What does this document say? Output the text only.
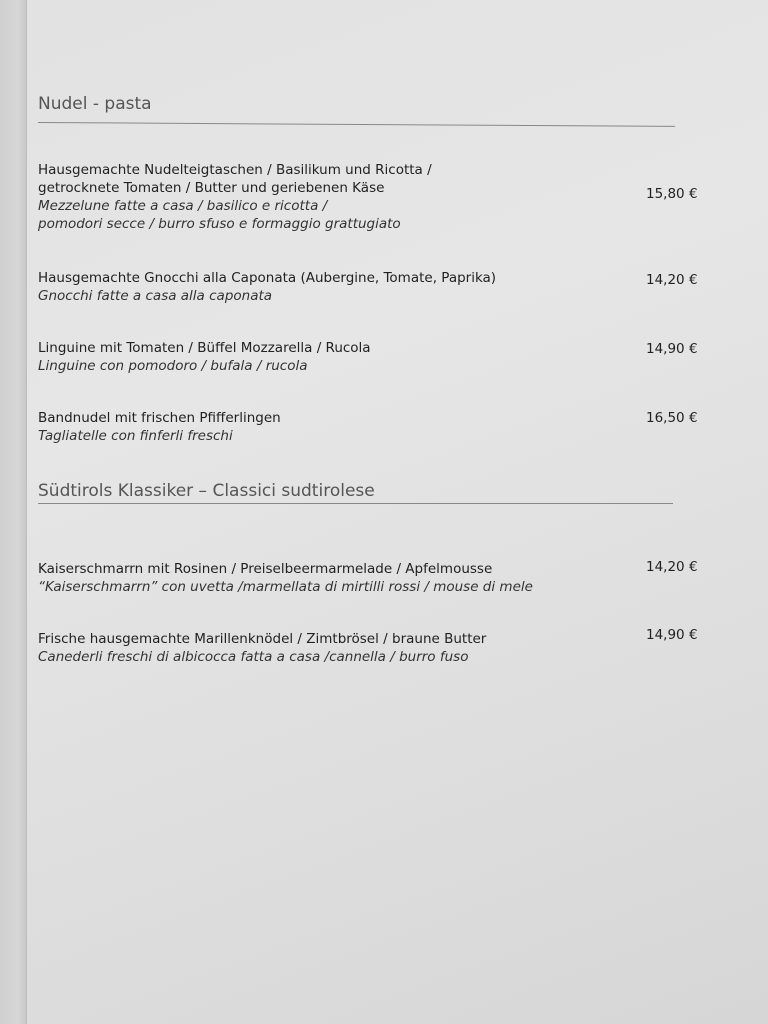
Nudel - pasta
Hausgemachte Nudelteigtaschen / Basilikum und Ricotta /
getrocknete Tomaten / Butter und geriebenen Käse
Mezzelune fatte a casa / basilico e ricotta /
pomodori secce / burro sfuso e formaggio grattugiato
15,80 €
Hausgemachte Gnocchi alla Caponata (Aubergine, Tomate, Paprika)
Gnocchi fatte a casa alla caponata
14,20 €
Linguine mit Tomaten / Büffel Mozzarella / Rucola
Linguine con pomodoro / bufala / rucola
14,90 €
Bandnudel mit frischen Pfifferlingen
Tagliatelle con finferli freschi
16,50 €
Südtirols Klassiker – Classici sudtirolese
Kaiserschmarrn mit Rosinen / Preiselbeermarmelade / Apfelmousse
“Kaiserschmarrn” con uvetta /marmellata di mirtilli rossi / mouse di mele
14,20 €
Frische hausgemachte Marillenknödel / Zimtbrösel / braune Butter
Canederli freschi di albicocca fatta a casa /cannella / burro fuso
14,90 €
